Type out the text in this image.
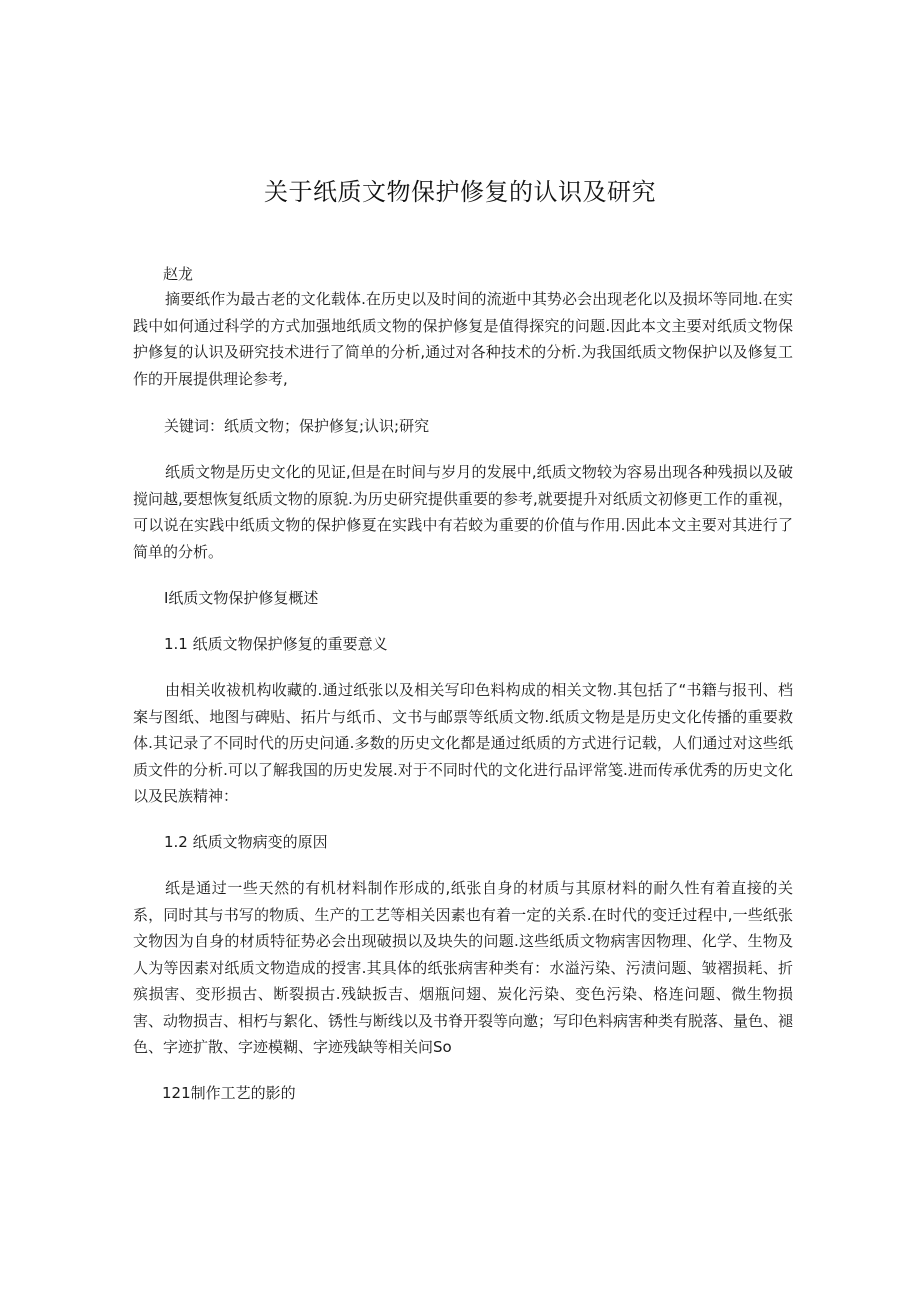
关于纸质文物保护修复的认识及研究
赵龙
摘要纸作为最古老的文化载体.在历史以及时间的流逝中其势必会出现老化以及损坏等同地.在实践中如何通过科学的方式加强地纸质文物的保护修复是值得探究的问题.因此本文主要对纸质文物保护修复的认识及研究技术进行了简单的分析,通过对各种技术的分析.为我国纸质文物保护以及修复工作的开展提供理论参考,
关键词：纸质文物；保护修复;认识;研究
纸质文物是历史文化的见证,但是在时间与岁月的发展中,纸质文物较为容易出现各种残损以及破搅问越,要想恢复纸质文物的原貌.为历史研究提供重要的参考,就要提升对纸质文初修更工作的重视，可以说在实践中纸质文物的保护修夏在实践中有若蛟为重要的价值与作用.因此本文主要对其进行了简单的分析。
I纸质文物保护修复概述
1.1 纸质文物保护修复的重要意义
由相关收祓机构收藏的.通过纸张以及相关写印色料构成的相关文物.其包括了“书籍与报刊、档案与图纸、地图与碑贴、拓片与纸币、文书与邮票等纸质文物.纸质文物是是历史文化传播的重要救体.其记录了不同时代的历史问通.多数的历史文化都是通过纸质的方式进行记载，人们通过对这些纸质文件的分析.可以了解我国的历史发展.对于不同时代的文化进行品评常笺.进而传承优秀的历史文化以及民族精神：
1.2 纸质文物病变的原因
纸是通过一些天然的有机材料制作形成的,纸张自身的材质与其原材料的耐久性有着直接的关系，同时其与书写的物质、生产的工艺等相关因素也有着一定的关系.在时代的变迁过程中,一些纸张文物因为自身的材质特征势必会出现破损以及块失的问题.这些纸质文物病害因物理、化学、生物及人为等因素对纸质文物造成的授害.其具体的纸张病害种类有：水溢污染、污渍问题、皱褶损耗、折殡损害、变形损古、断裂损古.残缺扳吉、烟瓶问翅、炭化污染、变色污染、格连问题、微生物损害、动物损吉、相朽与絮化、锈性与断线以及书脊开裂等向邀；写印色料病害种类有脱落、量色、褪色、字迹扩散、字迹模糊、字迹残缺等相关问So
121制作工艺的影的
